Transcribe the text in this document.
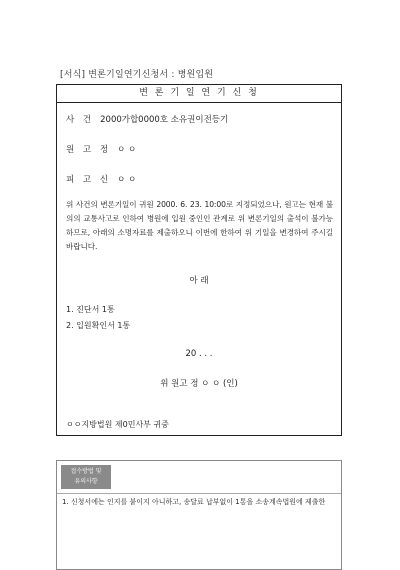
[서식] 변론기일연기신청서 : 병원입원
변 론 기 일 연 기 신 청
사 건 2000가합0000호 소유권이전등기
원 고 정 ㅇ ㅇ
피 고 신 ㅇ ㅇ
위 사건의 변론기일이 귀원 2000. 6. 23. 10:00로 지정되었으나, 원고는 현재 불의의 교통사고로 인하여 병원에 입원 중인인 관계로 위 변론기일의 출석이 불가능하므로, 아래의 소명자료를 제출하오니 이번에 한하여 위 기일을 변경하여 주시길 바랍니다.
아 래
1. 진단서 1통
2. 입원확인서 1통
20 . . .
위 원고 정 ㅇ ㅇ (인)
ㅇㅇ지방법원 제0민사부 귀중
접수방법 및
유의사항
1. 신청서에는 인지를 붙이지 아니하고, 송달료 납부없이 1통을 소송계속법원에 제출한
